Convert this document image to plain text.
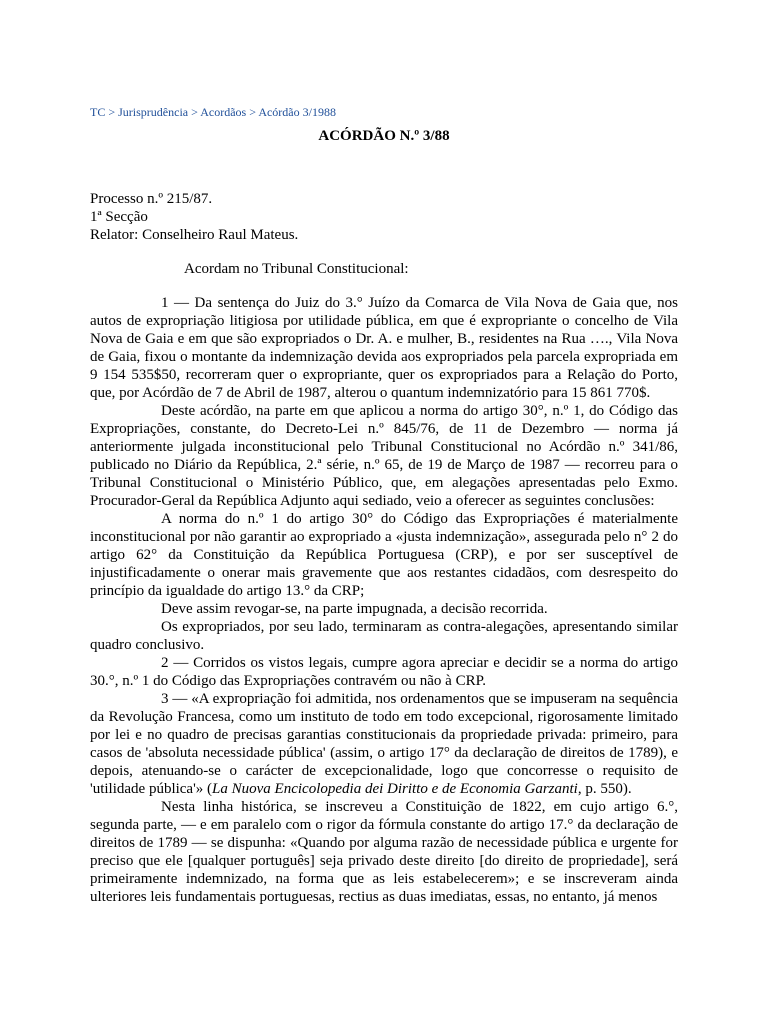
TC > Jurisprudência > Acordãos > Acórdão 3/1988
ACÓRDÃO N.º 3/88
Processo n.º 215/87.
1ª Secção
Relator: Conselheiro Raul Mateus.
Acordam no Tribunal Constitucional:

1 — Da sentença do Juiz do 3.° Juízo da Comarca de Vila Nova de Gaia que, nos autos de expropriação litigiosa por utilidade pública, em que é expropriante o concelho de Vila Nova de Gaia e em que são expropriados o Dr. A. e mulher, B., residentes na Rua …., Vila Nova de Gaia, fixou o montante da indemnização devida aos expropriados pela parcela expropriada em 9 154 535$50, recorreram quer o expropriante, quer os expropriados para a Relação do Porto, que, por Acórdão de 7 de Abril de 1987, alterou o quantum indemnizatório para 15 861 770$.

Deste acórdão, na parte em que aplicou a norma do artigo 30°, n.º 1, do Código das Expropriações, constante, do Decreto-Lei n.º 845/76, de 11 de Dezembro — norma já anteriormente julgada inconstitucional pelo Tribunal Constitucional no Acórdão n.º 341/86, publicado no Diário da República, 2.ª série, n.º 65, de 19 de Março de 1987 — recorreu para o Tribunal Constitucional o Ministério Público, que, em alegações apresentadas pelo Exmo. Procurador-Geral da República Adjunto aqui sediado, veio a oferecer as seguintes conclusões:

A norma do n.º 1 do artigo 30° do Código das Expropriações é materialmente inconstitucional por não garantir ao expropriado a «justa indemnização», assegurada pelo n° 2 do artigo 62° da Constituição da República Portuguesa (CRP), e por ser susceptível de injustificadamente o onerar mais gravemente que aos restantes cidadãos, com desrespeito do princípio da igualdade do artigo 13.° da CRP;

Deve assim revogar-se, na parte impugnada, a decisão recorrida.

Os expropriados, por seu lado, terminaram as contra-alegações, apresentando similar quadro conclusivo.

2 — Corridos os vistos legais, cumpre agora apreciar e decidir se a norma do artigo 30.°, n.º 1 do Código das Expropriações contravém ou não à CRP.

3 — «A expropriação foi admitida, nos ordenamentos que se impuseram na sequência da Revolução Francesa, como um instituto de todo em todo excepcional, rigorosamente limitado por lei e no quadro de precisas garantias constitucionais da propriedade privada: primeiro, para casos de 'absoluta necessidade pública' (assim, o artigo 17° da declaração de direitos de 1789), e depois, atenuando-se o carácter de excepcionalidade, logo que concorresse o requisito de 'utilidade pública'» (La Nuova Encicolopedia dei Diritto e de Economia Garzanti, p. 550).

Nesta linha histórica, se inscreveu a Constituição de 1822, em cujo artigo 6.°, segunda parte, — e em paralelo com o rigor da fórmula constante do artigo 17.° da declaração de direitos de 1789 — se dispunha: «Quando por alguma razão de necessidade pública e urgente for preciso que ele [qualquer português] seja privado deste direito [do direito de propriedade], será primeiramente indemnizado, na forma que as leis estabelecerem»; e se inscreveram ainda ulteriores leis fundamentais portuguesas, rectius as duas imediatas, essas, no entanto, já menos
